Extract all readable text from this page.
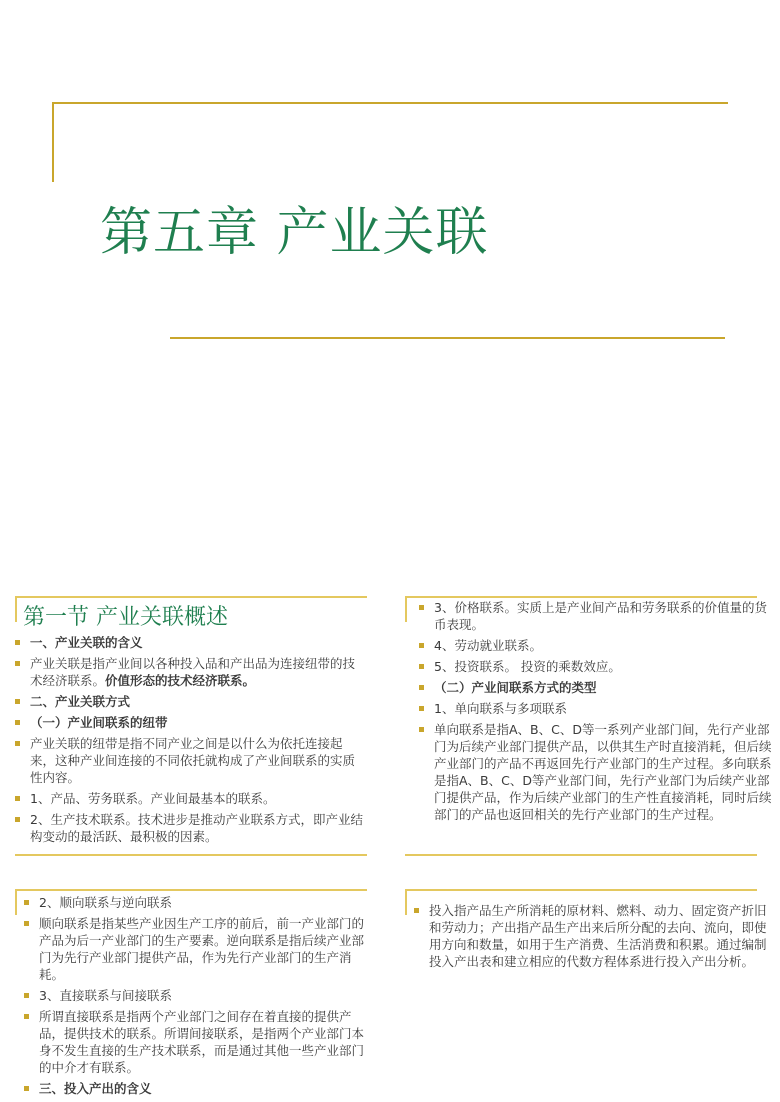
第五章 产业关联
第一节 产业关联概述
一、产业关联的含义
产业关联是指产业间以各种投入品和产出品为连接纽带的技术经济联系。价值形态的技术经济联系。
二、产业关联方式
（一）产业间联系的纽带
产业关联的纽带是指不同产业之间是以什么为依托连接起来，这种产业间连接的不同依托就构成了产业间联系的实质性内容。
1、产品、劳务联系。产业间最基本的联系。
2、生产技术联系。技术进步是推动产业联系方式，即产业结构变动的最活跃、最积极的因素。
3、价格联系。实质上是产业间产品和劳务联系的价值量的货币表现。
4、劳动就业联系。
5、投资联系。 投资的乘数效应。
（二）产业间联系方式的类型
1、单向联系与多项联系
单向联系是指A、B、C、D等一系列产业部门间，先行产业部门为后续产业部门提供产品，以供其生产时直接消耗，但后续产业部门的产品不再返回先行产业部门的生产过程。多向联系是指A、B、C、D等产业部门间，先行产业部门为后续产业部门提供产品，作为后续产业部门的生产性直接消耗，同时后续部门的产品也返回相关的先行产业部门的生产过程。
2、顺向联系与逆向联系
顺向联系是指某些产业因生产工序的前后，前一产业部门的产品为后一产业部门的生产要素。逆向联系是指后续产业部门为先行产业部门提供产品，作为先行产业部门的生产消耗。
3、直接联系与间接联系
所谓直接联系是指两个产业部门之间存在着直接的提供产品，提供技术的联系。所谓间接联系，是指两个产业部门本身不发生直接的生产技术联系，而是通过其他一些产业部门的中介才有联系。
三、投入产出的含义
投入指产品生产所消耗的原材料、燃料、动力、固定资产折旧和劳动力；产出指产品生产出来后所分配的去向、流向，即使用方向和数量，如用于生产消费、生活消费和积累。通过编制投入产出表和建立相应的代数方程体系进行投入产出分析。
